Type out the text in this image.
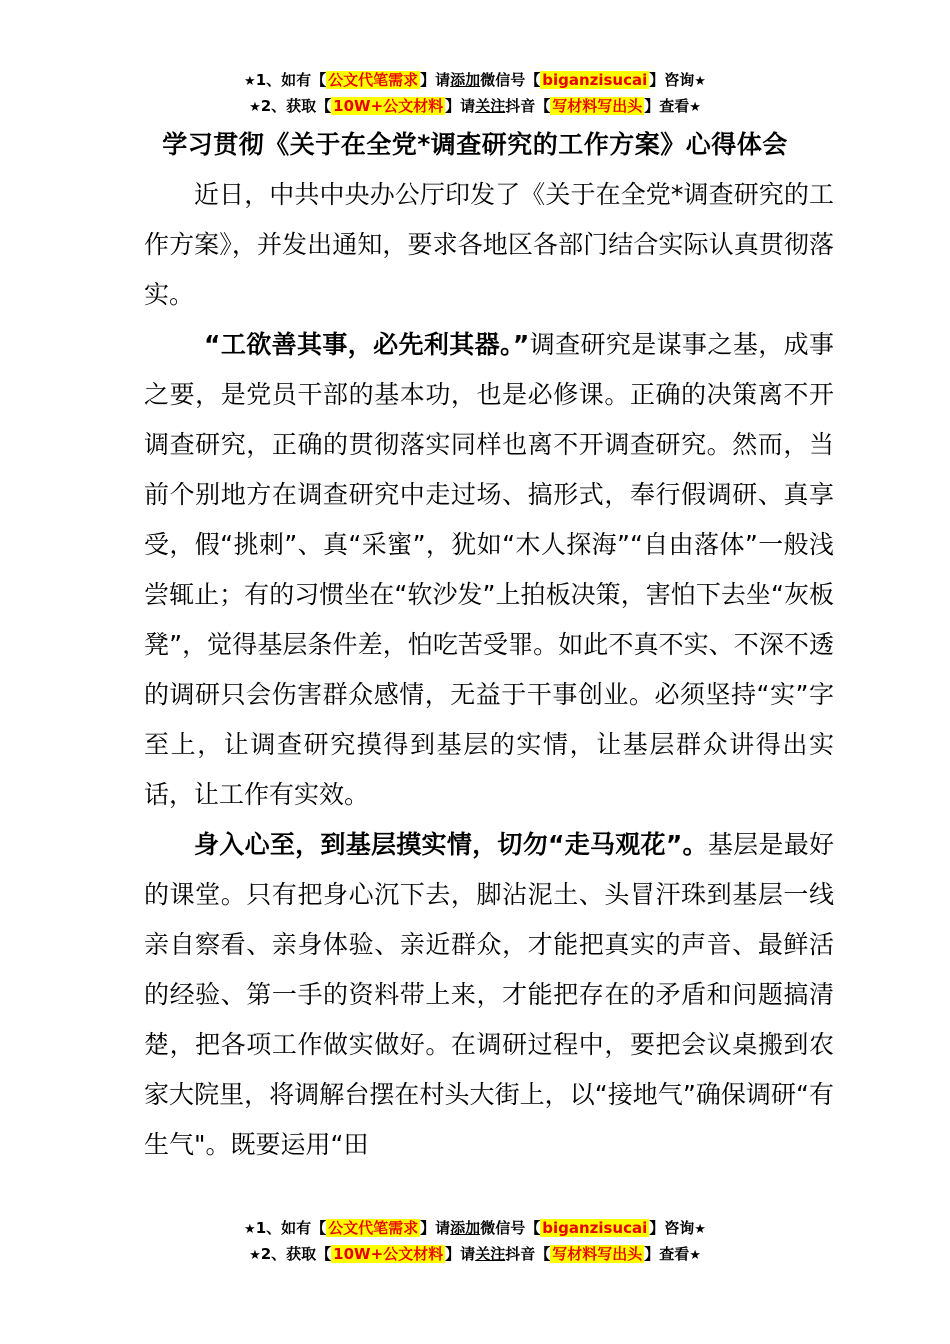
★1、如有【 公文代笔需求 】请添加微信号【 biganzisucai 】咨询★
★2、获取【 10W+公文材料 】请关注抖音【 写材料写出头 】查看★
学习贯彻《关于在全党*调查研究的工作方案》心得体会

近日，中共中央办公厅印发了《关于在全党*调查研究的工作方案》，并发出通知，要求各地区各部门结合实际认真贯彻落实。

“工欲善其事，必先利其器。”调查研究是谋事之基，成事之要，是党员干部的基本功，也是必修课。正确的决策离不开调查研究，正确的贯彻落实同样也离不开调查研究。然而，当前个别地方在调查研究中走过场、搞形式，奉行假调研、真享受，假“挑刺”、真“采蜜”，犹如“木人探海”“自由落体”一般浅尝辄止；有的习惯坐在“软沙发”上拍板决策，害怕下去坐“灰板凳”，觉得基层条件差，怕吃苦受罪。如此不真不实、不深不透的调研只会伤害群众感情，无益于干事创业。必须坚持“实”字至上，让调查研究摸得到基层的实情，让基层群众讲得出实话，让工作有实效。

身入心至，到基层摸实情，切勿“走马观花”。基层是最好的课堂。只有把身心沉下去，脚沾泥土、头冒汗珠到基层一线亲自察看、亲身体验、亲近群众，才能把真实的声音、最鲜活的经验、第一手的资料带上来，才能把存在的矛盾和问题搞清楚，把各项工作做实做好。在调研过程中，要把会议桌搬到农家大院里，将调解台摆在村头大街上，以“接地气”确保调研“有生气"。既要运用“田

★1、如有【 公文代笔需求 】请添加微信号【 biganzisucai 】咨询★
★2、获取【 10W+公文材料 】请关注抖音【 写材料写出头 】查看★
